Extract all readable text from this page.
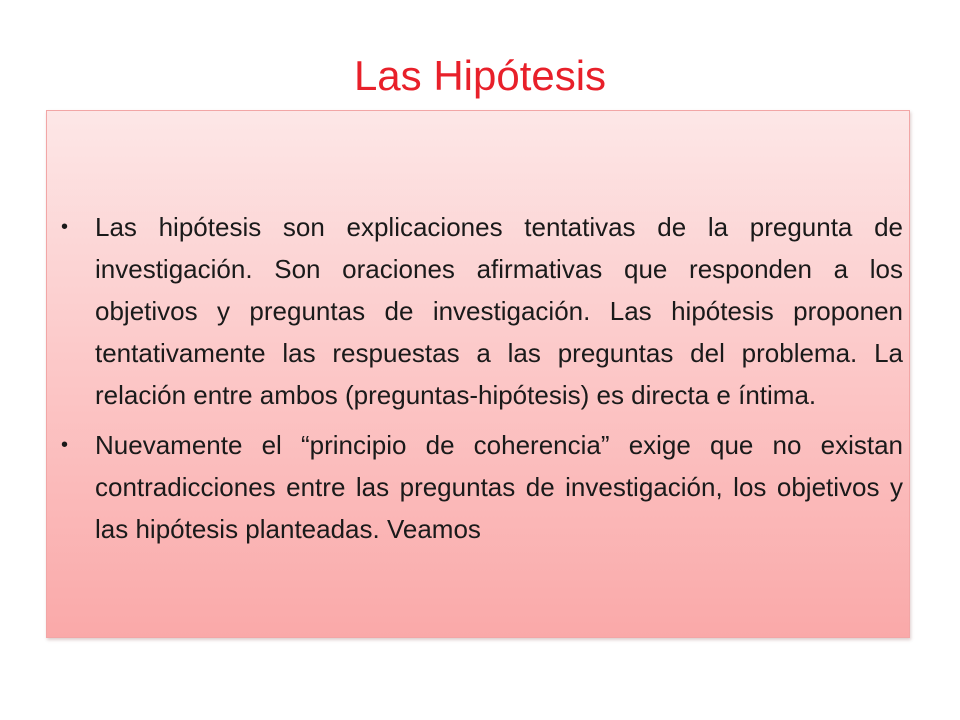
Las Hipótesis
• Las hipótesis son explicaciones tentativas de la pregunta de investigación. Son oraciones afirmativas que responden a los objetivos y preguntas de investigación. Las hipótesis proponen tentativamente las respuestas a las preguntas del problema. La relación entre ambos (preguntas-hipótesis) es directa e íntima.
• Nuevamente el “principio de coherencia” exige que no existan contradicciones entre las preguntas de investigación, los objetivos y las hipótesis planteadas. Veamos
